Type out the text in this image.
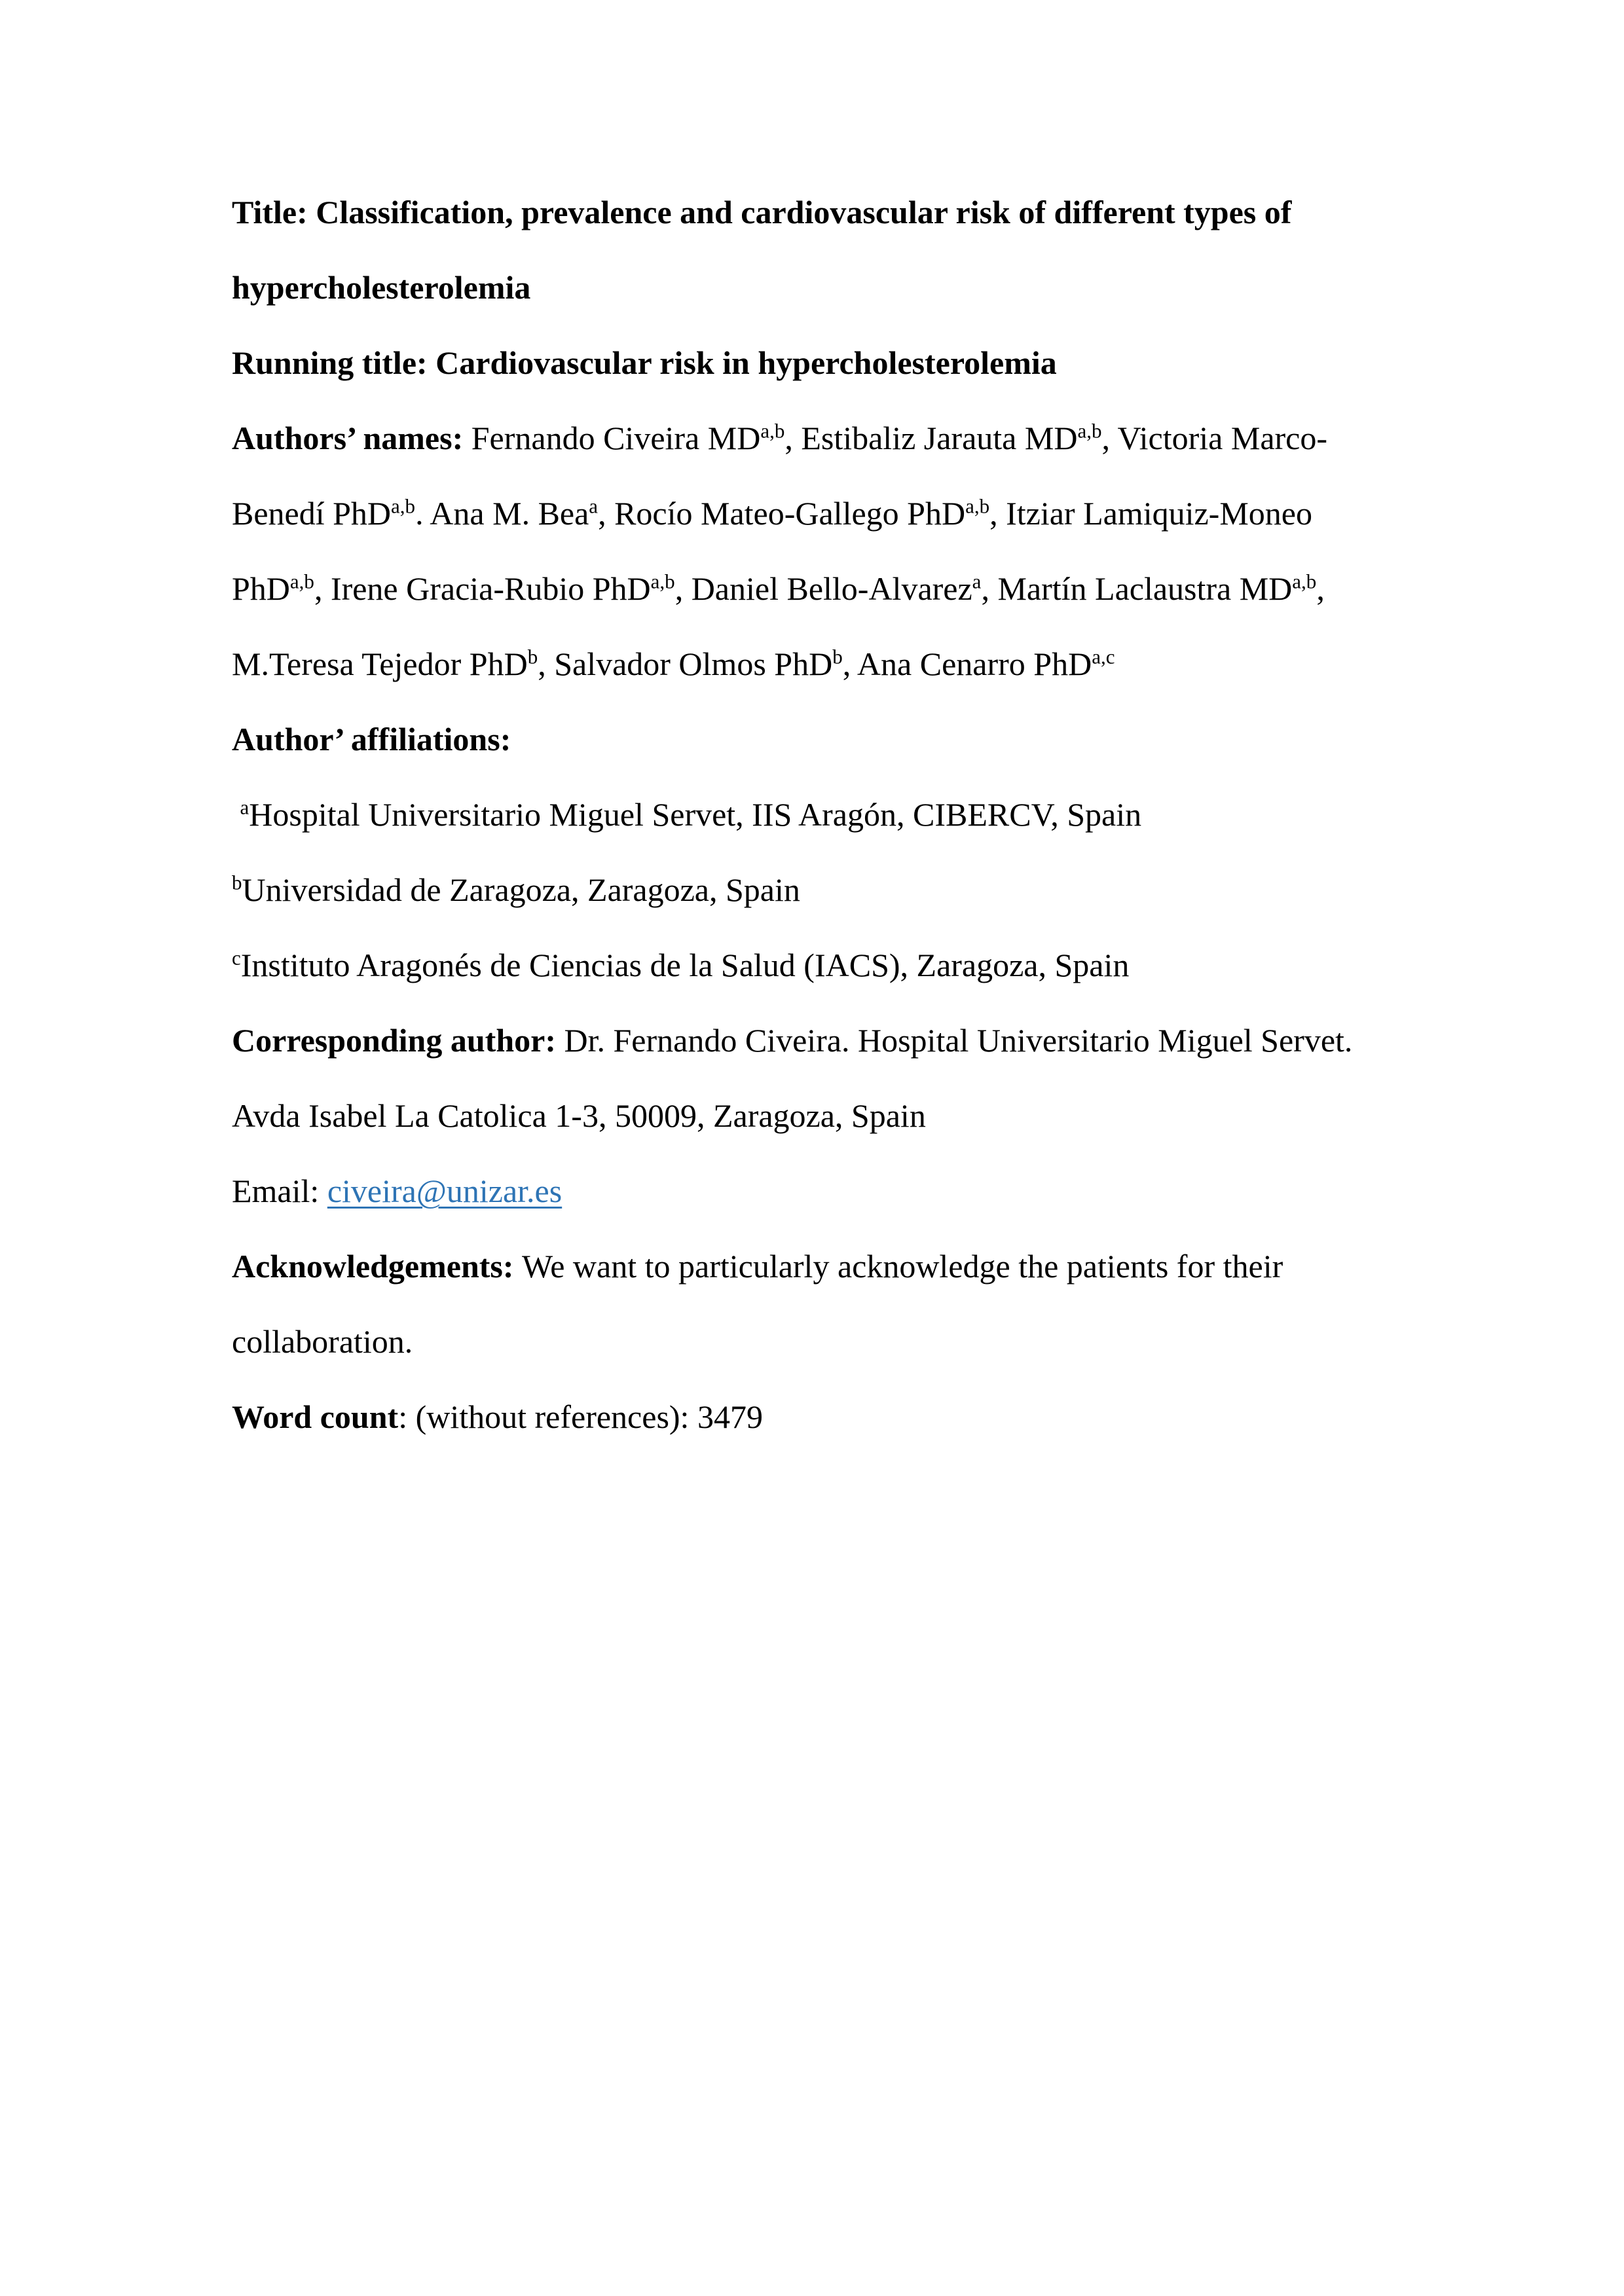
Title: Classification, prevalence and cardiovascular risk of different types of hypercholesterolemia

Running title: Cardiovascular risk in hypercholesterolemia

Authors’ names: Fernando Civeira MD$^{a,b}$, Estibaliz Jarauta MD$^{a,b}$, Victoria Marco-Benedí PhD$^{a,b}$. Ana M. Bea$^a$, Rocío Mateo-Gallego PhD$^{a,b}$, Itziar Lamiquiz-Moneo PhD$^{a,b}$, Irene Gracia-Rubio PhD$^{a,b}$, Daniel Bello-Alvarez$^a$, Martín Laclaustra MD$^{a,b}$, M.Teresa Tejedor PhD$^b$, Salvador Olmos PhD$^b$, Ana Cenarro PhD$^{a,c}$

Author’ affiliations:

$^a$Hospital Universitario Miguel Servet, IIS Aragón, CIBERCV, Spain

$^b$Universidad de Zaragoza, Zaragoza, Spain

$^c$Instituto Aragonés de Ciencias de la Salud (IACS), Zaragoza, Spain

Corresponding author: Dr. Fernando Civeira. Hospital Universitario Miguel Servet. Avda Isabel La Catolica 1-3, 50009, Zaragoza, Spain
Email: civeira@unizar.es

Acknowledgements: We want to particularly acknowledge the patients for their collaboration.

Word count: (without references): 3479
